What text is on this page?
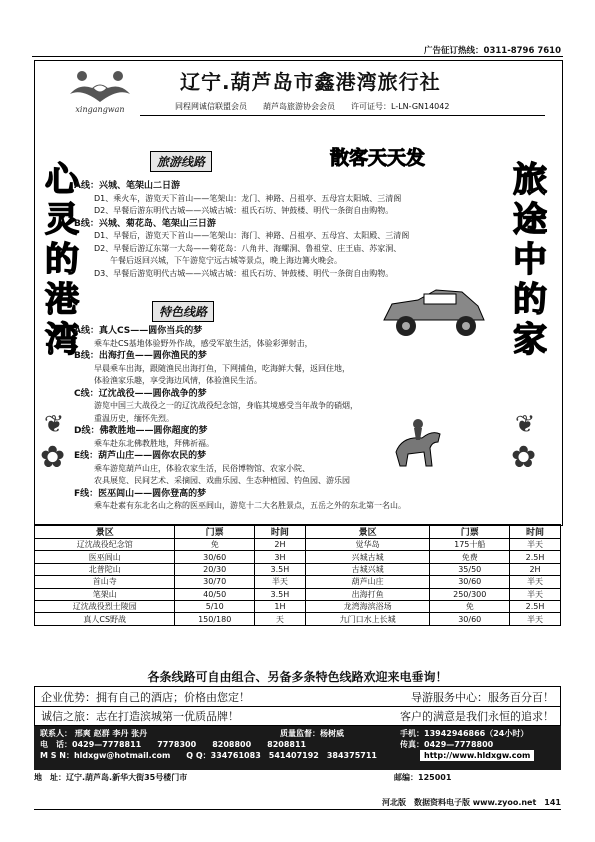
广告征订热线：0311-8796 7610
xingangwan
辽宁.葫芦岛市鑫港湾旅行社
同程网诚信联盟会员　　葫芦岛旅游协会会员　　许可证号：L-LN-GN14042
旅游线路	散客天天发
特色线路
心灵的港湾
旅途中的家
❦
✿
❦
✿
A线：兴城、笔架山二日游
D1、乘火车，游览天下首山——笔架山：龙门、神路、吕祖亭、五母宫太阳城、三清阁
D2、早餐后游东明代古城——兴城古城：祖氏石坊、钟鼓楼、明代一条街自由购物。
B线：兴城、菊花岛、笔架山三日游
D1、早餐后，游览天下首山——笔架山：海门、神路、吕祖亭、五母宫、太阳殿、三清阁
D2、早餐后游辽东第一大岛——菊花岛：八角井、海螺洞、鲁祖堂、庄王庙、苏家洞、
　　午餐后返回兴城，下午游览宁远古城等景点，晚上海边篝火晚会。
D3、早餐后游览明代古城——兴城古城：祖氏石坊、钟鼓楼、明代一条街自由购物。
A线：真人CS——圆你当兵的梦
乘车赴CS基地体验野外作战，感受军旅生活，体验彩弹射击，
B线：出海打鱼——圆你渔民的梦
早晨乘车出海，跟随渔民出海打鱼，下网捕鱼，吃海鲜大餐，返回住地，
体验渔家乐趣，享受海边风情，体验渔民生活。
C线：辽沈战役——圆你战争的梦
游览中国三大战役之一的辽沈战役纪念馆，身临其境感受当年战争的硝烟，
重温历史，缅怀先烈。
D线：佛教胜地——圆你超度的梦
乘车赴东北佛教胜地，拜佛祈福。
E线：葫芦山庄——圆你农民的梦
乘车游览葫芦山庄，体验农家生活，民俗博物馆、农家小院、
农具展览、民间艺术、采摘园、戏曲乐园、生态种植园、钓鱼园、游乐园
F线：医巫闾山——圆你登高的梦
乘车赴素有东北名山之称的医巫闾山，游览十二大名胜景点，五岳之外的东北第一名山。
景区	门票	时间	景区	门票	时间
辽沈战役纪念馆	免	2H	觉华岛	175十船	半天
医巫闾山	30/60	3H	兴城古城	免费	2.5H
北普陀山	20/30	3.5H	古城兴城	35/50	2H
首山寺	30/70	半天	葫芦山庄	30/60	半天
笔架山	40/50	3.5H	出海打鱼	250/300	半天
辽沈战役烈士陵园	5/10	1H	龙湾海滨浴场	免	2.5H
真人CS野战	150/180	天	九门口水上长城	30/60	半天
各条线路可自由组合、另备多条特色线路欢迎来电垂询！
企业优势：拥有自己的酒店；价格由您定！	导游服务中心：服务百分百！
诚信之旅：志在打造滨城第一优质品牌！	客户的满意是我们永恒的追求！
联系人： 邢爽 赵群 李丹 张丹	质量监督：杨树威	手机：13942946866（24小时）
电　话：0429—7778811　　7778300　　8208800　　8208811	传真：0429—7778800
M S N：hldxgw@hotmail.com　　Q Q：334761083　541407192　384375711	http://www.hldxgw.com
地　址：辽宁.葫芦岛.新华大街35号楼门市	邮编：125001
河北版　数据资料电子版 www.zyoo.net　141
